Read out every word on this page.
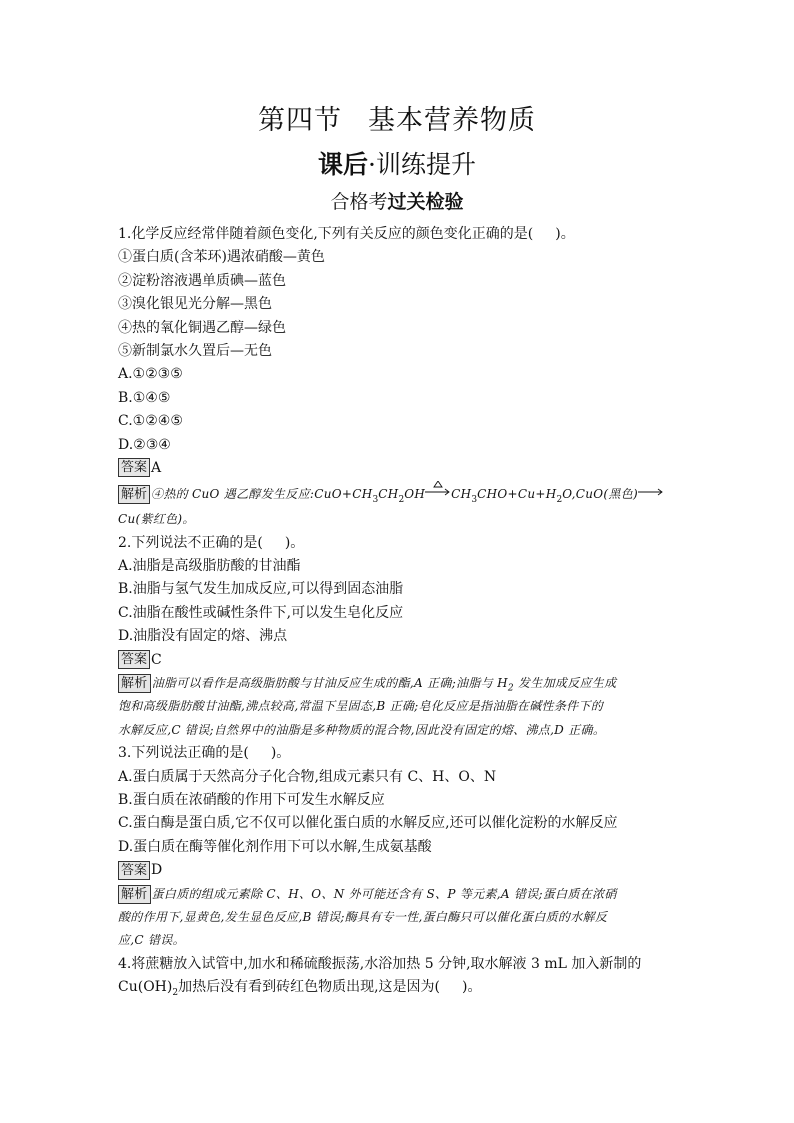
第四节 基本营养物质
课后·训练提升
合格考过关检验
1.化学反应经常伴随着颜色变化,下列有关反应的颜色变化正确的是( )。
①蛋白质(含苯环)遇浓硝酸—黄色
②淀粉溶液遇单质碘—蓝色
③溴化银见光分解—黑色
④热的氧化铜遇乙醇—绿色
⑤新制氯水久置后—无色
A.①②③⑤
B.①④⑤
C.①②④⑤
D.②③④
答案 A
解析 ④热的 CuO 遇乙醇发生反应$:CuO+CH_3CH_2OH$ $CH_3CHO+Cu+H_2O,CuO$(黑色)→
Cu(紫红色)。
2.下列说法不正确的是( )。
A.油脂是高级脂肪酸的甘油酯
B.油脂与氢气发生加成反应,可以得到固态油脂
C.油脂在酸性或碱性条件下,可以发生皂化反应
D.油脂没有固定的熔、沸点
答案 C
解析 油脂可以看作是高级脂肪酸与甘油反应生成的酯,A 正确;油脂与 $H_2$ 发生加成反应生成
饱和高级脂肪酸甘油酯,沸点较高,常温下呈固态,B 正确;皂化反应是指油脂在碱性条件下的
水解反应,C 错误;自然界中的油脂是多种物质的混合物,因此没有固定的熔、沸点,D 正确。
3.下列说法正确的是( )。
A.蛋白质属于天然高分子化合物,组成元素只有 C、H、O、N
B.蛋白质在浓硝酸的作用下可发生水解反应
C.蛋白酶是蛋白质,它不仅可以催化蛋白质的水解反应,还可以催化淀粉的水解反应
D.蛋白质在酶等催化剂作用下可以水解,生成氨基酸
答案 D
解析 蛋白质的组成元素除 C、H、O、N 外可能还含有 S、P 等元素,A 错误;蛋白质在浓硝
酸的作用下,显黄色,发生显色反应,B 错误;酶具有专一性,蛋白酶只可以催化蛋白质的水解反
应,C 错误。
4.将蔗糖放入试管中,加水和稀硫酸振荡,水浴加热 5 分钟,取水解液 3 mL 加入新制的
$Cu(OH)_2$加热后没有看到砖红色物质出现,这是因为( )。
